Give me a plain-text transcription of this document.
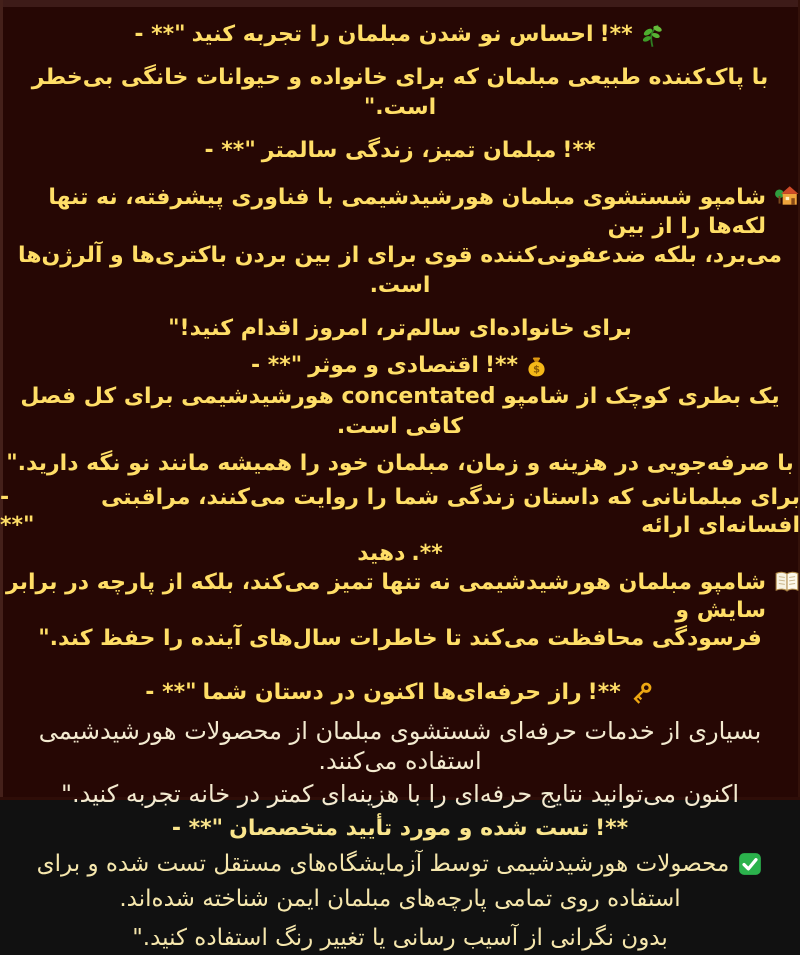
- **" احساس نو شدن مبلمان را تجربه کنید !**
با پاک‌کننده طبیعی مبلمان که برای خانواده و حیوانات خانگی بی‌خطر است."
- **" مبلمان تمیز، زندگی سالمتر !**
شامپو شستشوی مبلمان هورشیدشیمی با فناوری پیشرفته، نه تنها لکه‌ها را از بین
می‌برد، بلکه ضدعفونی‌کننده قوی برای از بین بردن باکتری‌ها و آلرژن‌ها است.
برای خانواده‌ای سالم‌تر، امروز اقدام کنید!"
- **" اقتصادی و موثر !** $
یک بطری کوچک از شامپو concentated هورشیدشیمی برای کل فصل کافی است.
با صرفه‌جویی در هزینه و زمان، مبلمان خود را همیشه مانند نو نگه دارید."
- **"
برای مبلمانانی که داستان زندگی شما را روایت می‌کنند، مراقبتی افسانه‌ای ارائه
دهید .**
شامپو مبلمان هورشیدشیمی نه تنها تمیز می‌کند، بلکه از پارچه در برابر سایش و
فرسودگی محافظت می‌کند تا خاطرات سال‌های آینده را حفظ کند."
- **" راز حرفه‌ای‌ها اکنون در دستان شما !**
بسیاری از خدمات حرفه‌ای شستشوی مبلمان از محصولات هورشیدشیمی
استفاده می‌کنند.
اکنون می‌توانید نتایج حرفه‌ای را با هزینه‌ای کمتر در خانه تجربه کنید."
- **" تست شده و مورد تأیید متخصصان !**
محصولات هورشیدشیمی توسط آزمایشگاه‌های مستقل تست شده و برای
استفاده روی تمامی پارچه‌های مبلمان ایمن شناخته شده‌اند.
بدون نگرانی از آسیب رسانی یا تغییر رنگ استفاده کنید."
